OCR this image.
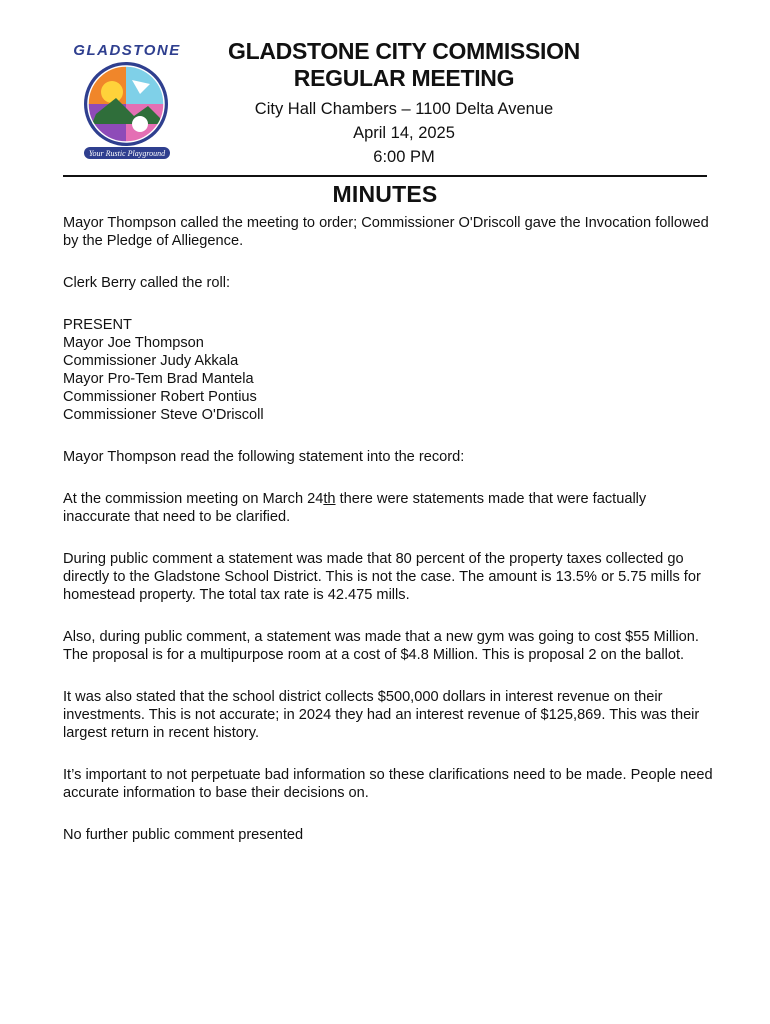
GLADSTONE
Your Rustic Playground
GLADSTONE CITY COMMISSION
REGULAR MEETING
City Hall Chambers – 1100 Delta Avenue
April 14, 2025
6:00 PM
MINUTES

Mayor Thompson called the meeting to order; Commissioner O'Driscoll gave the Invocation followed by the Pledge of Alliegence.

Clerk Berry called the roll:

PRESENT
Mayor Joe Thompson
Commissioner Judy Akkala
Mayor Pro-Tem Brad Mantela
Commissioner Robert Pontius
Commissioner Steve O'Driscoll

Mayor Thompson read the following statement into the record:

At the commission meeting on March 24th there were statements made that were factually inaccurate that need to be clarified.

During public comment a statement was made that 80 percent of the property taxes collected go directly to the Gladstone School District. This is not the case. The amount is 13.5% or 5.75 mills for homestead property. The total tax rate is 42.475 mills.

Also, during public comment, a statement was made that a new gym was going to cost $55 Million. The proposal is for a multipurpose room at a cost of $4.8 Million. This is proposal 2 on the ballot.

It was also stated that the school district collects $500,000 dollars in interest revenue on their investments. This is not accurate; in 2024 they had an interest revenue of $125,869. This was their largest return in recent history.

It’s important to not perpetuate bad information so these clarifications need to be made. People need accurate information to base their decisions on.

No further public comment presented
